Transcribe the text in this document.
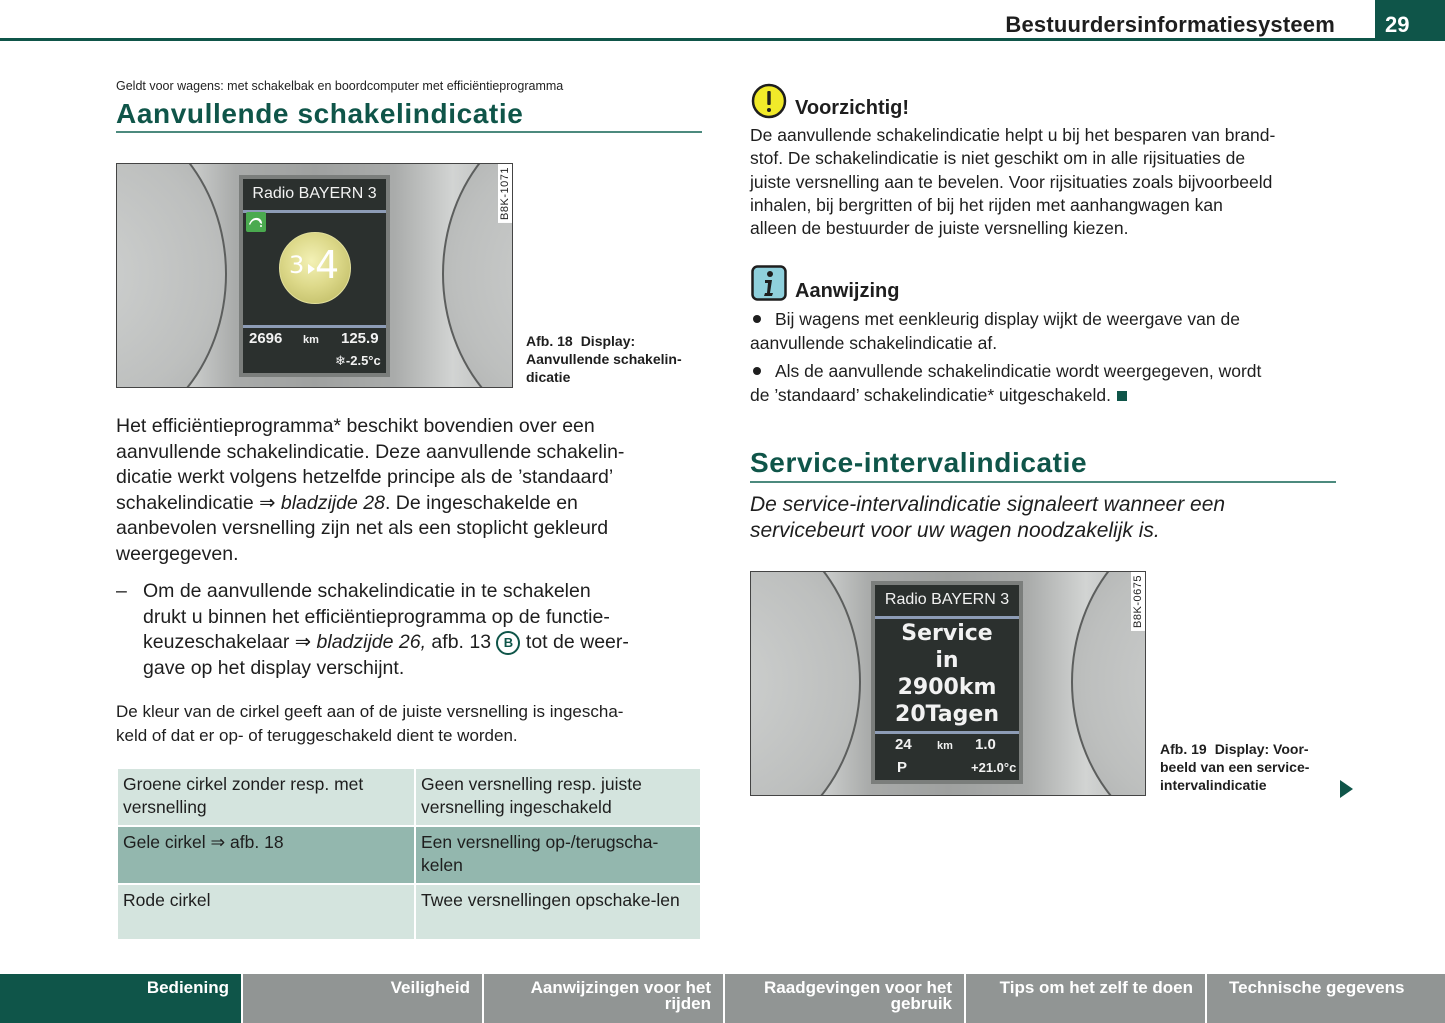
Bestuurdersinformatiesysteem 29
Geldt voor wagens: met schakelbak en boordcomputer met efficiëntieprogramma
Aanvullende schakelindicatie
Radio BAYERN 3
3 4
2696 km 125.9
❄-2.5°c
B8K-1071
Afb. 18 Display: Aanvullende schakelin-dicatie
Het efficiëntieprogramma* beschikt bovendien over een
aanvullende schakelindicatie. Deze aanvullende schakelin-
dicatie werkt volgens hetzelfde principe als de ’standaard’
schakelindicatie ⇒ bladzijde 28. De ingeschakelde en
aanbevolen versnelling zijn net als een stoplicht gekleurd
weergegeven.
– Om de aanvullende schakelindicatie in te schakelen
drukt u binnen het efficiëntieprogramma op de functie-
keuzeschakelaar ⇒ bladzijde 26, afb. 13 B tot de weer-
gave op het display verschijnt.
De kleur van de cirkel geeft aan of de juiste versnelling is ingescha-
keld of dat er op- of teruggeschakeld dient te worden.
Groene cirkel zonder resp. met versnelling	Geen versnelling resp. juiste versnelling ingeschakeld
Gele cirkel ⇒ afb. 18	Een versnelling op-/terugscha-kelen
Rode cirkel	Twee versnellingen opschake-len
Voorzichtig!
De aanvullende schakelindicatie helpt u bij het besparen van brand-
stof. De schakelindicatie is niet geschikt om in alle rijsituaties de
juiste versnelling aan te bevelen. Voor rijsituaties zoals bijvoorbeeld
inhalen, bij bergritten of bij het rijden met aanhangwagen kan
alleen de bestuurder de juiste versnelling kiezen.
Aanwijzing
Bij wagens met eenkleurig display wijkt de weergave van de
aanvullende schakelindicatie af.
Als de aanvullende schakelindicatie wordt weergegeven, wordt
de ’standaard’ schakelindicatie* uitgeschakeld.
Service-intervalindicatie
De service-intervalindicatie signaleert wanneer een
servicebeurt voor uw wagen noodzakelijk is.
Radio BAYERN 3
Service
in
2900km
20Tagen
24 km 1.0
P	+21.0°c
B8K-0675
Afb. 19 Display: Voor-
beeld van een service-
intervalindicatie
Bediening	Veiligheid	Aanwijzingen voor het
rijden
Raadgevingen voor het
gebruik
Tips om het zelf te doen Technische gegevens
